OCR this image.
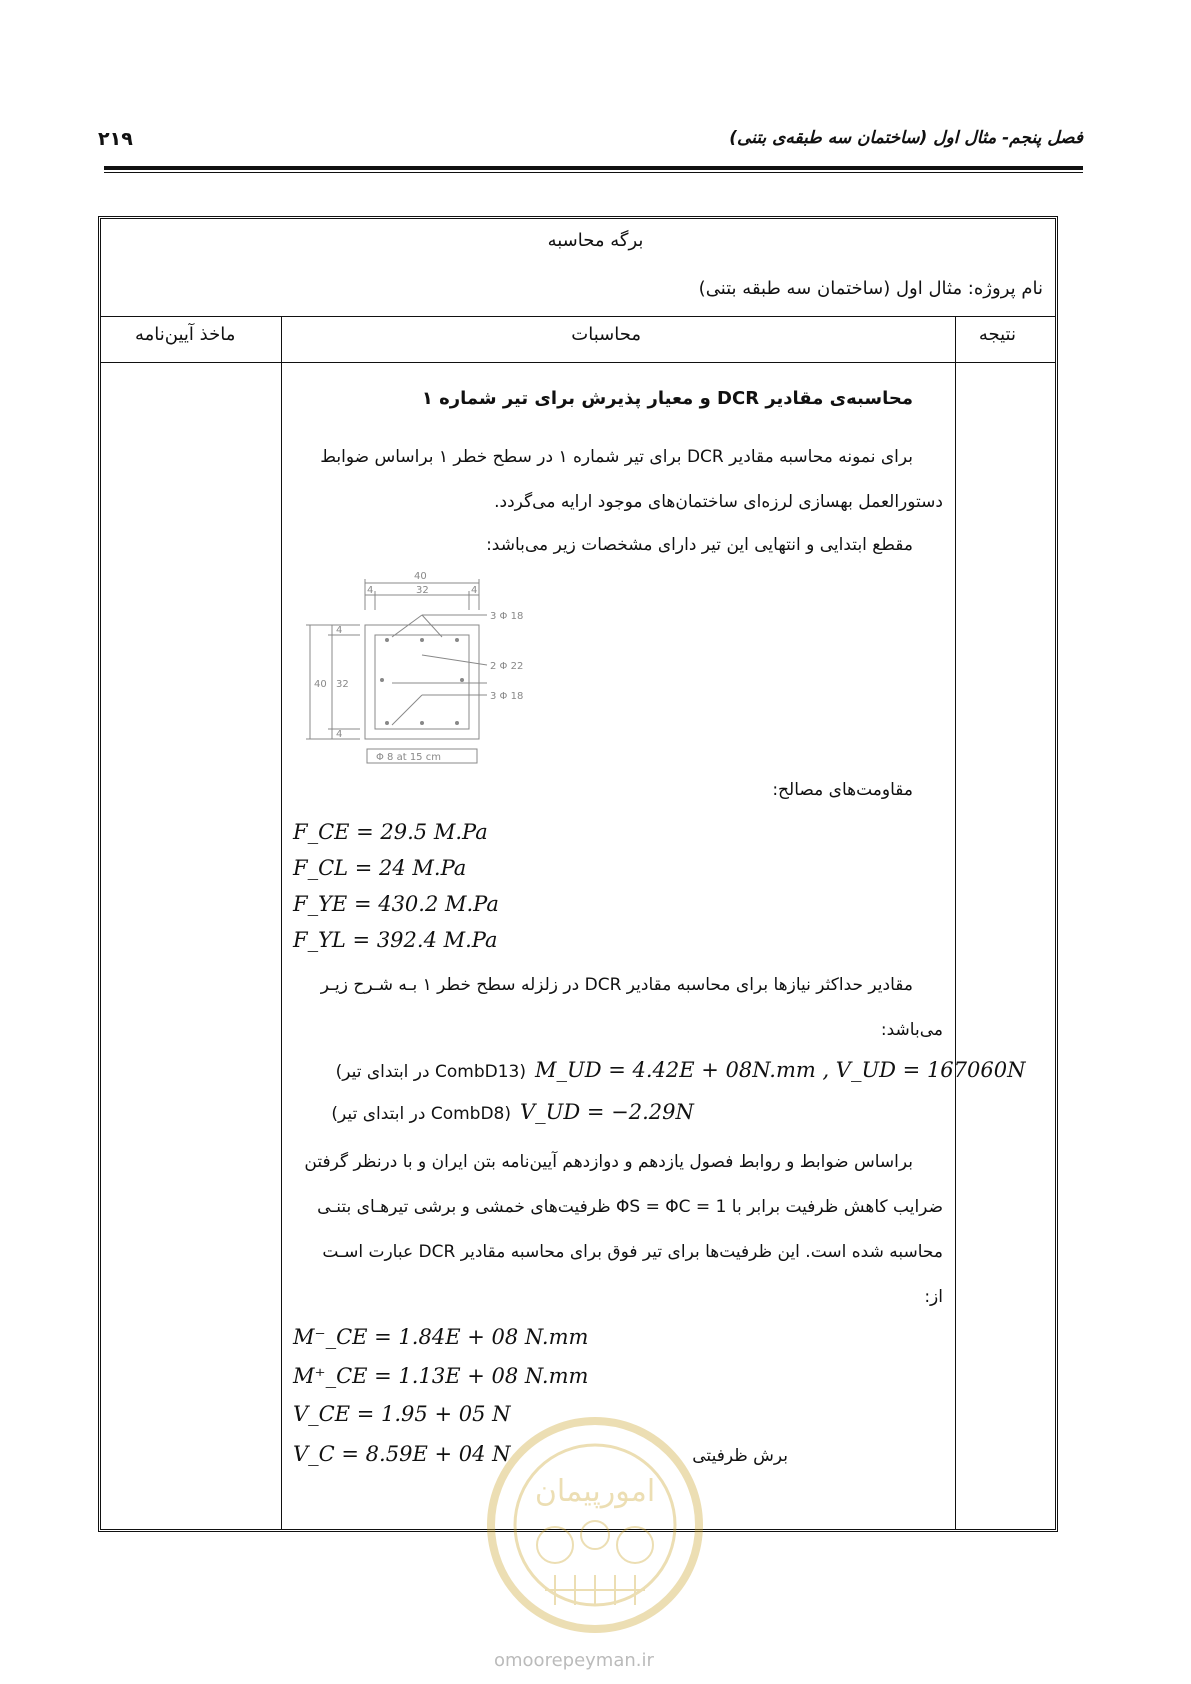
۲۱۹	فصل پنجم- مثال اول (ساختمان سه طبقه‌ی بتنی)
برگه محاسبه
نام پروژه: مثال اول (ساختمان سه طبقه بتنی)
نتیجه
محاسبات
ماخذ آیین‌نامه
محاسبه‌ی مقادیر DCR و معیار پذیرش برای تیر شماره ۱
برای نمونه محاسبه مقادیر DCR برای تیر شماره ۱ در سطح خطر ۱ براساس ضوابط
دستورالعمل بهسازی لرزه‌ای ساختمان‌های موجود ارایه می‌گردد.
مقطع ابتدایی و انتهایی این تیر دارای مشخصات زیر می‌باشد:
40
32
4	4
40 32
4
4
3 Φ 18
2 Φ 22
3 Φ 18
Φ 8 at 15 cm
مقاومت‌های مصالح:
F_CE = 29.5 M.Pa
F_CL = 24 M.Pa
F_YE = 430.2 M.Pa
F_YL = 392.4 M.Pa
مقادیر حداکثر نیازها برای محاسبه مقادیر DCR در زلزله سطح خطر ۱ بـه شـرح زیـر
می‌باشد:
M_UD = 4.42E + 08N.mm , V_UD = 167060N
(CombD13 در ابتدای تیر)
V_UD = −2.29N
(CombD8 در ابتدای تیر)
براساس ضوابط و روابط فصول یازدهم و دوازدهم آیین‌نامه بتن ایران و با درنظر گرفتن
ضرایب کاهش ظرفیت برابر با ΦS = ΦC = 1 ظرفیت‌های خمشی و برشی تیرهـای بتنـی
محاسبه شده است. این ظرفیت‌ها برای تیر فوق برای محاسبه مقادیر DCR عبارت اسـت
از:
M⁻_CE = 1.84E + 08 N.mm
M⁺_CE = 1.13E + 08 N.mm
V_CE = 1.95 + 05 N
V_C = 8.59E + 04 N	برش ظرفیتی
امورپیمان
omoorepeyman.ir
